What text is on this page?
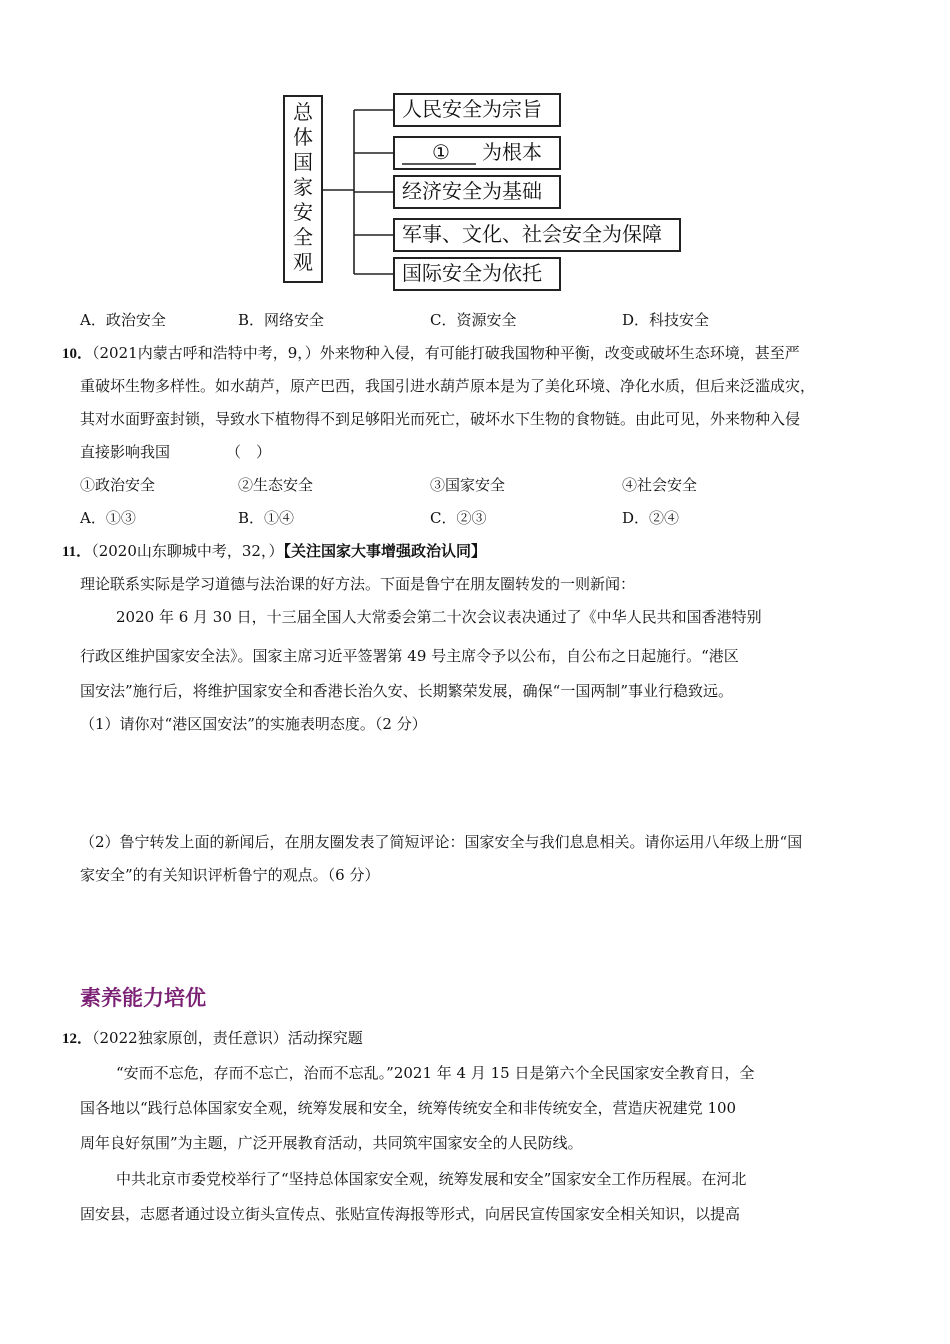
总
体
国
家
安
全
观
人民安全为宗旨
① 为根本
经济安全为基础
军事、文化、社会安全为保障
国际安全为依托
A．政治安全	B．网络安全	C．资源安全	D．科技安全
10．（2021内蒙古呼和浩特中考，9，）外来物种入侵，有可能打破我国物种平衡，改变或破坏生态环境，甚至严
重破坏生物多样性。如水葫芦，原产巴西，我国引进水葫芦原本是为了美化环境、净化水质，但后来泛滥成灾，
其对水面野蛮封锁，导致水下植物得不到足够阳光而死亡，破坏水下生物的食物链。由此可见，外来物种入侵
直接影响我国	（　）
①政治安全	②生态安全	③国家安全	④社会安全
A．①③	B．①④	C．②③	D．②④
11．（2020山东聊城中考，32，）【关注国家大事增强政治认同】
理论联系实际是学习道德与法治课的好方法。下面是鲁宁在朋友圈转发的一则新闻：
2020 年 6 月 30 日，十三届全国人大常委会第二十次会议表决通过了《中华人民共和国香港特别
行政区维护国家安全法》。国家主席习近平签署第 49 号主席令予以公布，自公布之日起施行。“港区
国安法”施行后，将维护国家安全和香港长治久安、长期繁荣发展，确保“一国两制”事业行稳致远。
（1）请你对“港区国安法”的实施表明态度。（2 分）
（2）鲁宁转发上面的新闻后，在朋友圈发表了简短评论：国家安全与我们息息相关。请你运用八年级上册“国
家安全”的有关知识评析鲁宁的观点。（6 分）
素养能力培优
12．（2022独家原创，责任意识）活动探究题
“安而不忘危，存而不忘亡，治而不忘乱。”2021 年 4 月 15 日是第六个全民国家安全教育日，全
国各地以“践行总体国家安全观，统筹发展和安全，统筹传统安全和非传统安全，营造庆祝建党 100
周年良好氛围”为主题，广泛开展教育活动，共同筑牢国家安全的人民防线。
中共北京市委党校举行了“坚持总体国家安全观，统筹发展和安全”国家安全工作历程展。在河北
固安县，志愿者通过设立街头宣传点、张贴宣传海报等形式，向居民宣传国家安全相关知识，以提高
